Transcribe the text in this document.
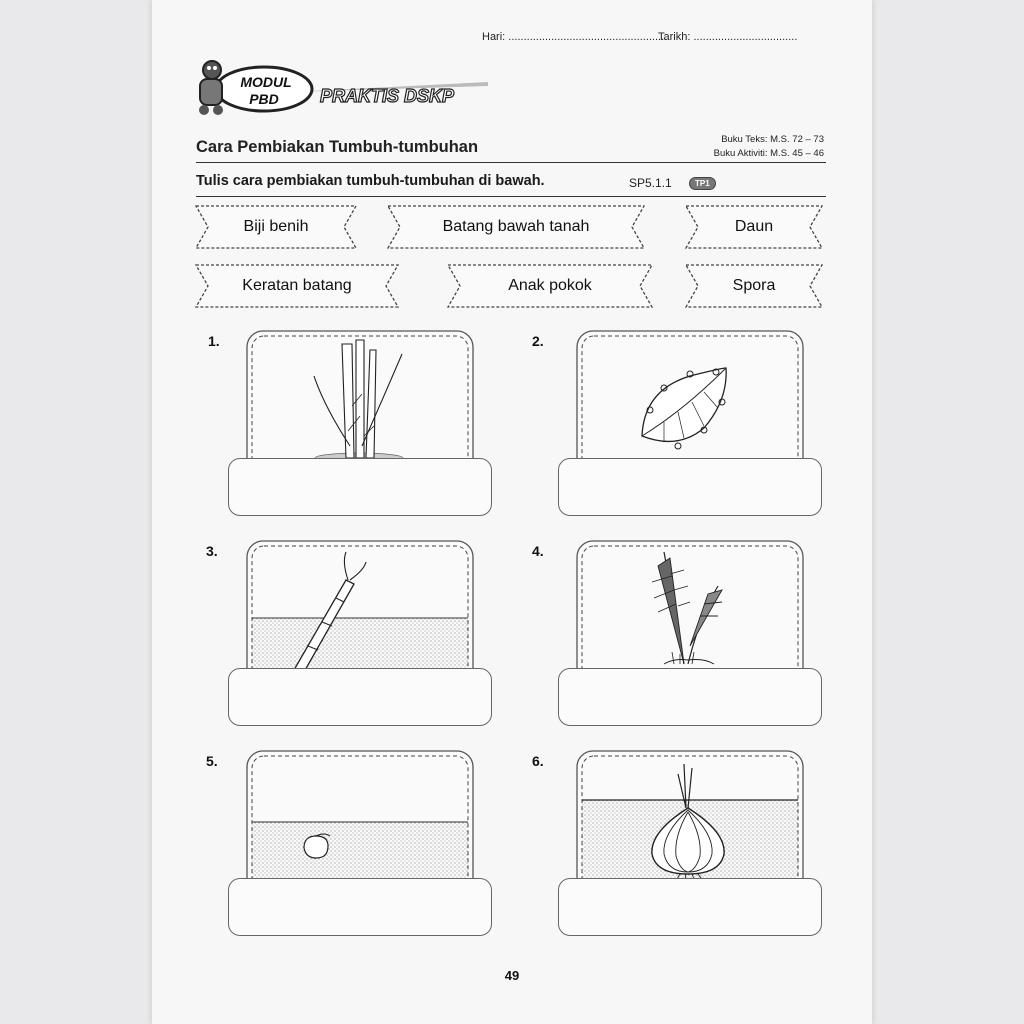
Hari: ....................................................
Tarikh: ..................................
MODUL
PBD PRAKTIS DSKP
Cara Pembiakan Tumbuh-tumbuhan	Buku Teks: M.S. 72 – 73
Buku Aktiviti: M.S. 45 – 46
Tulis cara pembiakan tumbuh-tumbuhan di bawah.	SP5.1.1	TP1
Biji benih	Batang bawah tanah	Daun
Keratan batang	Anak pokok	Spora
1.	2.
3.	4.
5.	6.
49
